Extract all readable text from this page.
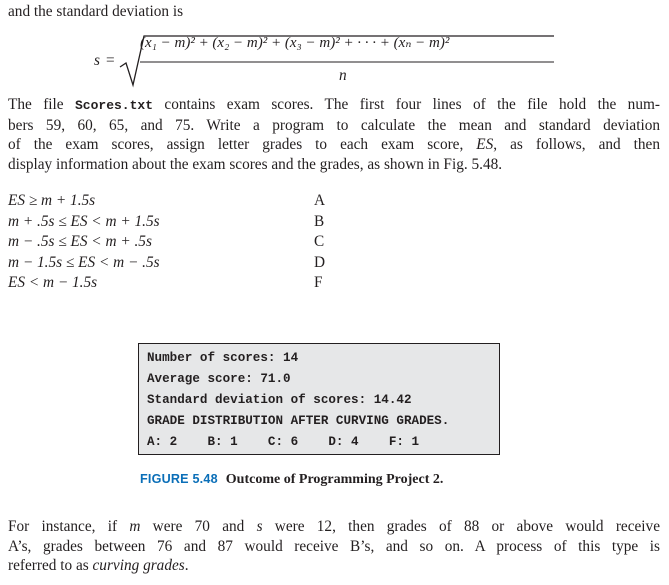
and the standard deviation is
s =
(x₁ − m)² + (x₂ − m)² + (x₃ − m)² + · · · + (xₙ − m)²
n
The file Scores.txt contains exam scores. The first four lines of the file hold the num-
bers 59, 60, 65, and 75. Write a program to calculate the mean and standard deviation
of the exam scores, assign letter grades to each exam score, ES, as follows, and then
display information about the exam scores and the grades, as shown in Fig. 5.48.
ES ≥ m + 1.5s	A
m + .5s ≤ ES < m + 1.5s	B
m − .5s ≤ ES < m + .5s	C
m − 1.5s ≤ ES < m − .5s	D
ES < m − 1.5s	F
Number of scores: 14
Average score: 71.0
Standard deviation of scores: 14.42
GRADE DISTRIBUTION AFTER CURVING GRADES.
A: 2    B: 1    C: 6    D: 4    F: 1
FIGURE 5.48 Outcome of Programming Project 2.
For instance, if m were 70 and s were 12, then grades of 88 or above would receive
A’s, grades between 76 and 87 would receive B’s, and so on. A process of this type is
referred to as curving grades.
